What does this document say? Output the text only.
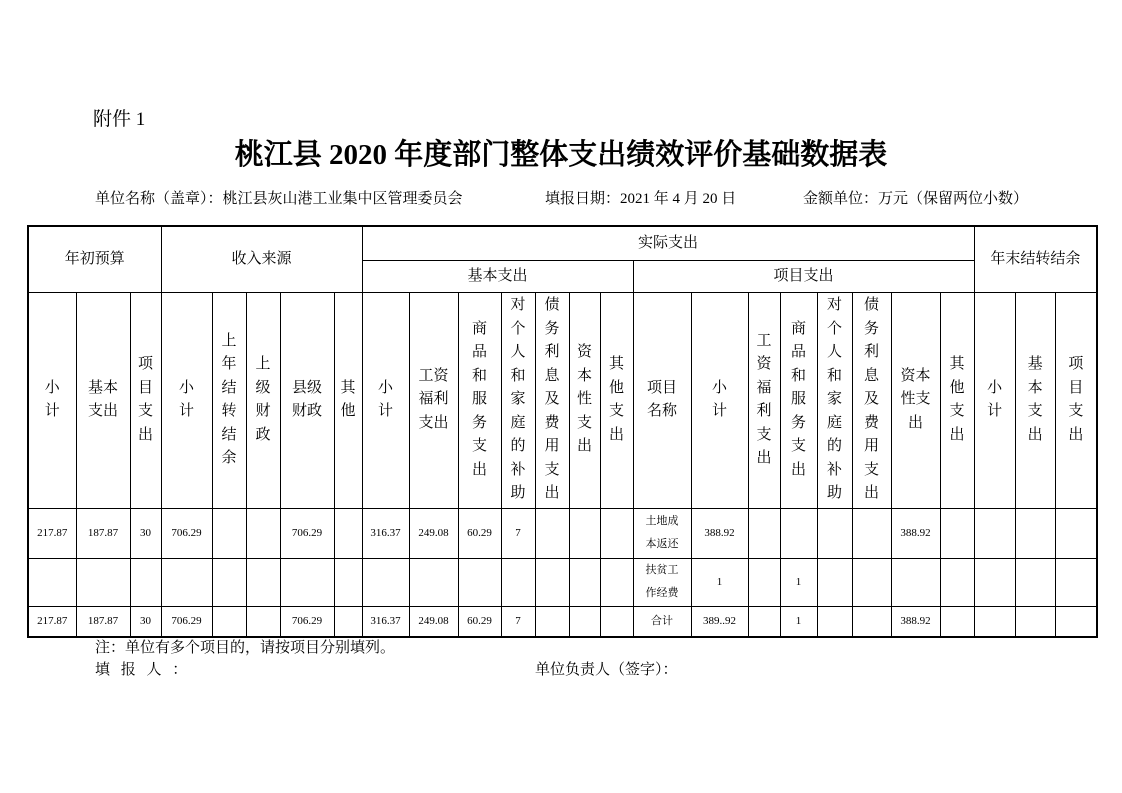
附件 1
桃江县 2020 年度部门整体支出绩效评价基础数据表
单位名称（盖章）：桃江县灰山港工业集中区管理委员会	填报日期：2021 年 4 月 20 日	金额单位：万元（保留两位小数）
年初预算			收入来源					实际支出															年末结转结余		
								基本支出							项目支出										
小计	基本支出	项目支出	小计	上年结转结余	上级财政	县级财政	其他	小计	工资福利支出	商品和服务支出	对个人和家庭的补助	债务利息及费用支出	资本性支出	其他支出	项目名称	小计	工资福利支出	商品和服务支出	对个人和家庭的补助	债务利息及费用支出	资本性支出	其他支出	小计	基本支出	项目支出
217.87	187.87	30	706.29			706.29		316.37	249.08	60.29	7				土地成本返还	388.92					388.92				
															扶贫工作经费	1		1							
217.87	187.87	30	706.29			706.29		316.37	249.08	60.29	7				合计	389..92		1			388.92				
注：单位有多个项目的，请按项目分别填列。
填 报 人 ：	单位负责人（签字）：
